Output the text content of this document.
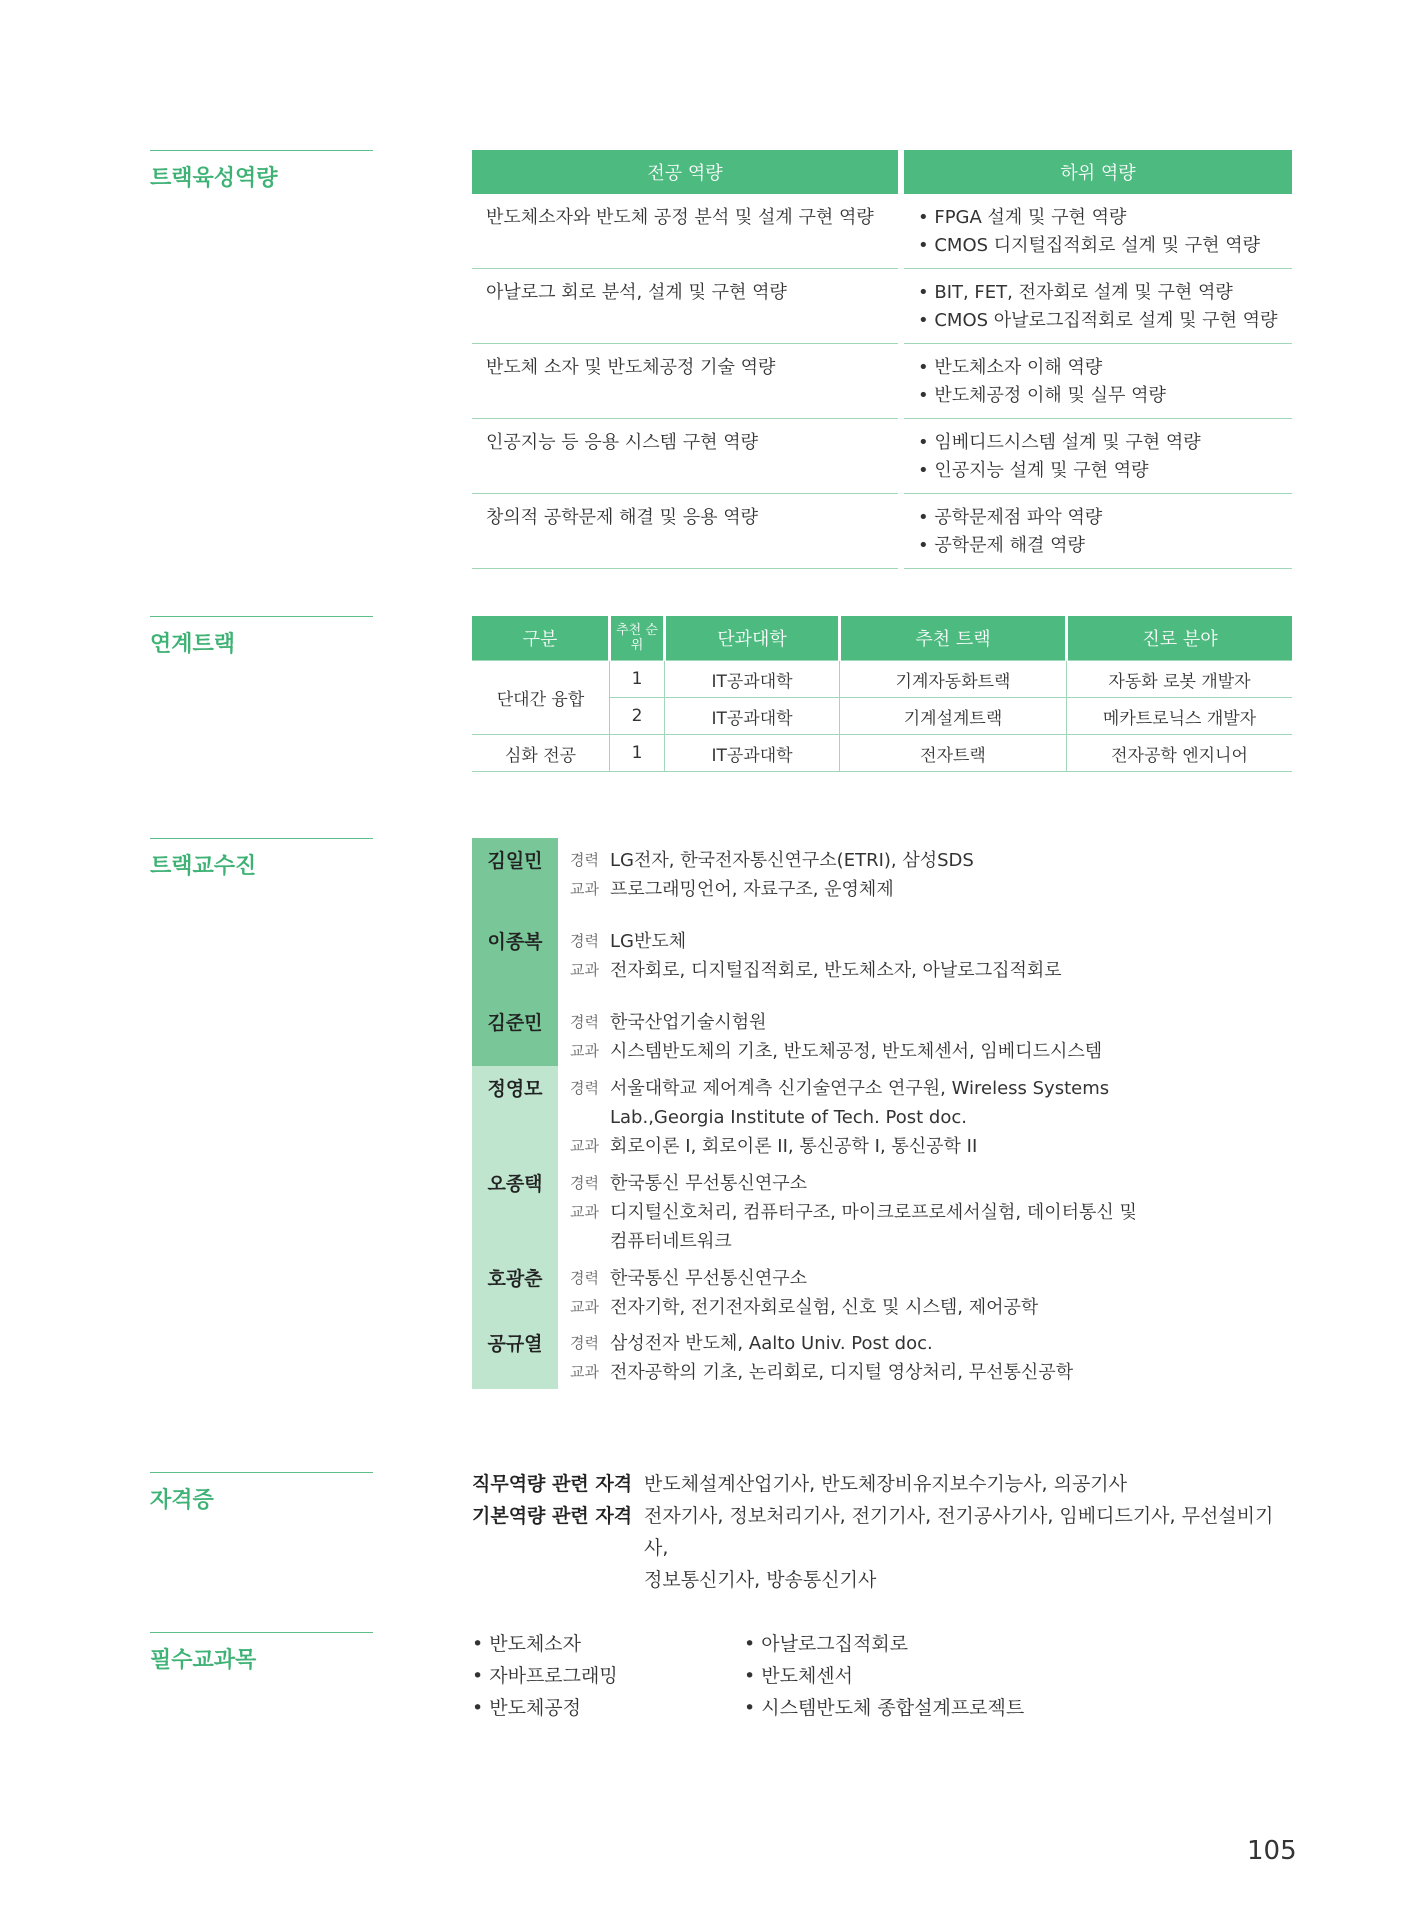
트랙육성역량	전공 역량		하위 역량
반도체소자와 반도체 공정 분석 및 설계 구현 역량		• FPGA 설계 및 구현 역량
• CMOS 디지털집적회로 설계 및 구현 역량

아날로그 회로 분석, 설계 및 구현 역량		• BIT, FET, 전자회로 설계 및 구현 역량
• CMOS 아날로그집적회로 설계 및 구현 역량

반도체 소자 및 반도체공정 기술 역량		• 반도체소자 이해 역량
• 반도체공정 이해 및 실무 역량

인공지능 등 응용 시스템 구현 역량		• 임베디드시스템 설계 및 구현 역량
• 인공지능 설계 및 구현 역량

창의적 공학문제 해결 및 응용 역량		• 공학문제점 파악 역량
• 공학문제 해결 역량
연계트랙	구분	추천 순위	단과대학	추천 트랙	진로 분야
단대간 융합	1	IT공과대학	기계자동화트랙	자동화 로봇 개발자
	2	IT공과대학	기계설계트랙	메카트로닉스 개발자
심화 전공	1	IT공과대학	전자트랙	전자공학 엔지니어
트랙교수진	김일민	경력 LG전자, 한국전자통신연구소(ETRI), 삼성SDS
교과 프로그래밍언어, 자료구조, 운영체제
이종복	경력 LG반도체
교과 전자회로, 디지털집적회로, 반도체소자, 아날로그집적회로
김준민	경력 한국산업기술시험원
교과 시스템반도체의 기초, 반도체공정, 반도체센서, 임베디드시스템
정영모	경력 서울대학교 제어계측 신기술연구소 연구원, Wireless Systems
Lab.,Georgia Institute of Tech. Post doc.
교과 회로이론 I, 회로이론 II, 통신공학 I, 통신공학 II
오종택	경력 한국통신 무선통신연구소
교과 디지털신호처리, 컴퓨터구조, 마이크로프로세서실험, 데이터통신 및
컴퓨터네트워크
호광춘	경력 한국통신 무선통신연구소
교과 전자기학, 전기전자회로실험, 신호 및 시스템, 제어공학
공규열	경력 삼성전자 반도체, Aalto Univ. Post doc.
교과 전자공학의 기초, 논리회로, 디지털 영상처리, 무선통신공학
자격증
직무역량 관련 자격 반도체설계산업기사, 반도체장비유지보수기능사, 의공기사
기본역량 관련 자격 전자기사, 정보처리기사, 전기기사, 전기공사기사, 임베디드기사, 무선설비기사,
정보통신기사, 방송통신기사
필수교과목
• 반도체소자
• 자바프로그래밍
• 반도체공정
• 아날로그집적회로
• 반도체센서
• 시스템반도체 종합설계프로젝트
105
